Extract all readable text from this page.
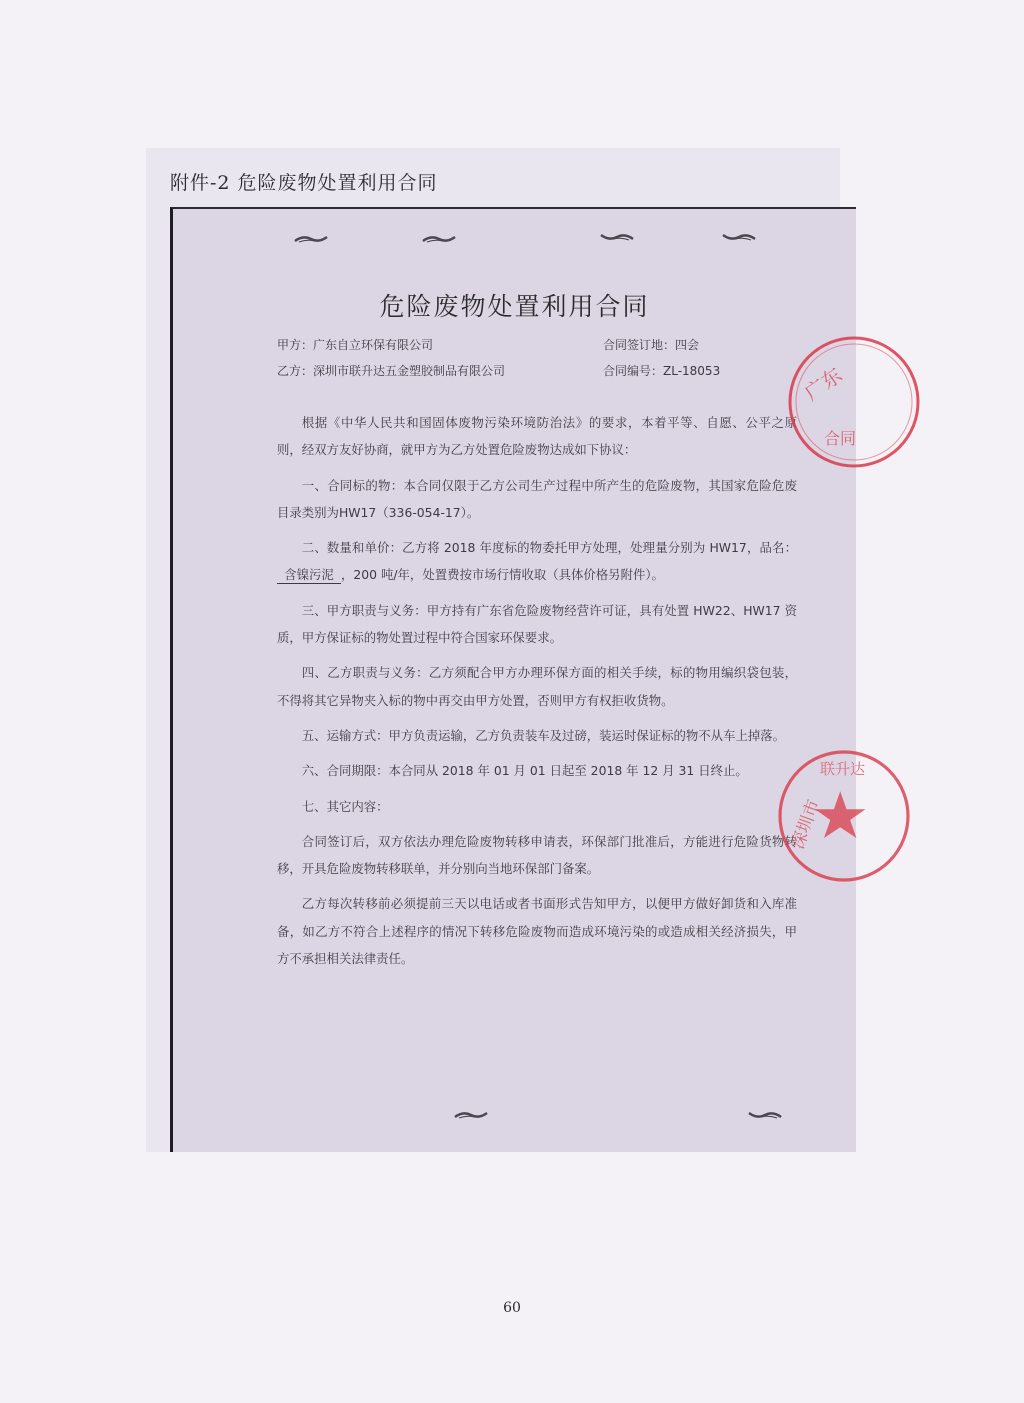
附件-2 危险废物处置利用合同
危险废物处置利用合同
甲方：广东自立环保有限公司	合同签订地：四会
乙方：深圳市联升达五金塑胶制品有限公司	合同编号：ZL-18053

根据《中华人民共和国固体废物污染环境防治法》的要求，本着平等、自愿、公平之原则，经双方友好协商，就甲方为乙方处置危险废物达成如下协议：

一、合同标的物：本合同仅限于乙方公司生产过程中所产生的危险废物，其国家危险危废目录类别为HW17（336-054-17）。

二、数量和单价：乙方将 2018 年度标的物委托甲方处理，处理量分别为 HW17，品名：含镍污泥 ，200 吨/年，处置费按市场行情收取（具体价格另附件）。

三、甲方职责与义务：甲方持有广东省危险废物经营许可证，具有处置 HW22、HW17 资质，甲方保证标的物处置过程中符合国家环保要求。

四、乙方职责与义务：乙方须配合甲方办理环保方面的相关手续，标的物用编织袋包装，不得将其它异物夹入标的物中再交由甲方处置，否则甲方有权拒收货物。

五、运输方式：甲方负责运输，乙方负责装车及过磅，装运时保证标的物不从车上掉落。

六、合同期限：本合同从 2018 年 01 月 01 日起至 2018 年 12 月 31 日终止。

七、其它内容：

合同签订后，双方依法办理危险废物转移申请表，环保部门批准后，方能进行危险货物转移，开具危险废物转移联单，并分别向当地环保部门备案。

乙方每次转移前必须提前三天以电话或者书面形式告知甲方，以便甲方做好卸货和入库准备，如乙方不符合上述程序的情况下转移危险废物而造成环境污染的或造成相关经济损失，甲方不承担相关法律责任。

广东
合同
深圳市
联升达
60
